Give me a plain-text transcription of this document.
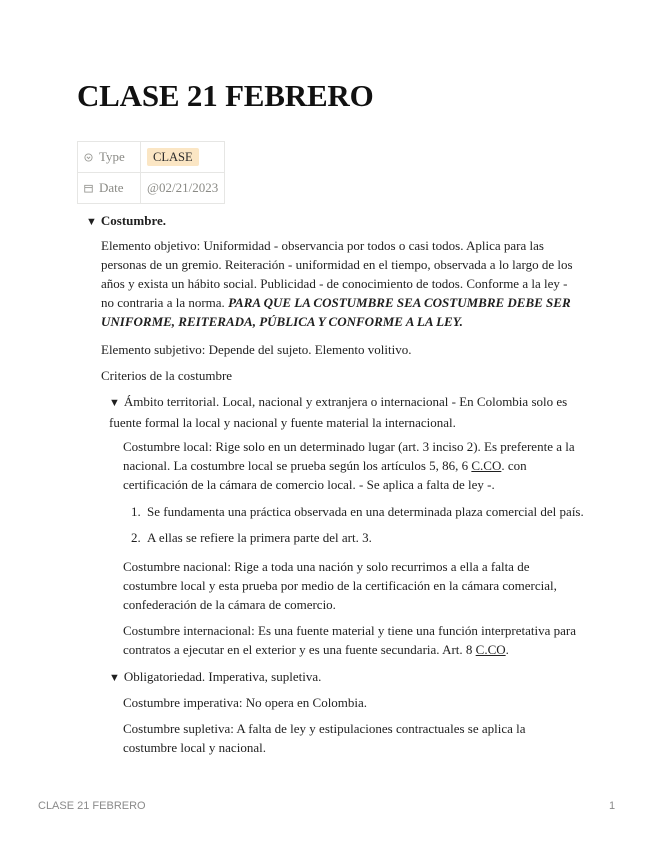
CLASE 21 FEBRERO
Type	CLASE
Date	@02/21/2023

▼ Costumbre.

Elemento objetivo: Uniformidad - observancia por todos o casi todos. Aplica para las personas de un gremio. Reiteración - uniformidad en el tiempo, observada a lo largo de los años y exista un hábito social. Publicidad - de conocimiento de todos. Conforme a la ley - no contraria a la norma. PARA QUE LA COSTUMBRE SEA COSTUMBRE DEBE SER UNIFORME, REITERADA, PÚBLICA Y CONFORME A LA LEY.

Elemento subjetivo: Depende del sujeto. Elemento volitivo.

Criterios de la costumbre

▼ Ámbito territorial. Local, nacional y extranjera o internacional - En Colombia solo es fuente formal la local y nacional y fuente material la internacional.

Costumbre local: Rige solo en un determinado lugar (art. 3 inciso 2). Es preferente a la nacional. La costumbre local se prueba según los artículos 5, 86, 6 C.CO. con certificación de la cámara de comercio local. - Se aplica a falta de ley -.

1. Se fundamenta una práctica observada en una determinada plaza comercial del país.
2. A ellas se refiere la primera parte del art. 3.

Costumbre nacional: Rige a toda una nación y solo recurrimos a ella a falta de costumbre local y esta prueba por medio de la certificación en la cámara comercial, confederación de la cámara de comercio.

Costumbre internacional: Es una fuente material y tiene una función interpretativa para contratos a ejecutar en el exterior y es una fuente secundaria. Art. 8 C.CO.

▼ Obligatoriedad. Imperativa, supletiva.

Costumbre imperativa: No opera en Colombia.

Costumbre supletiva: A falta de ley y estipulaciones contractuales se aplica la costumbre local y nacional.

CLASE 21 FEBRERO	1
